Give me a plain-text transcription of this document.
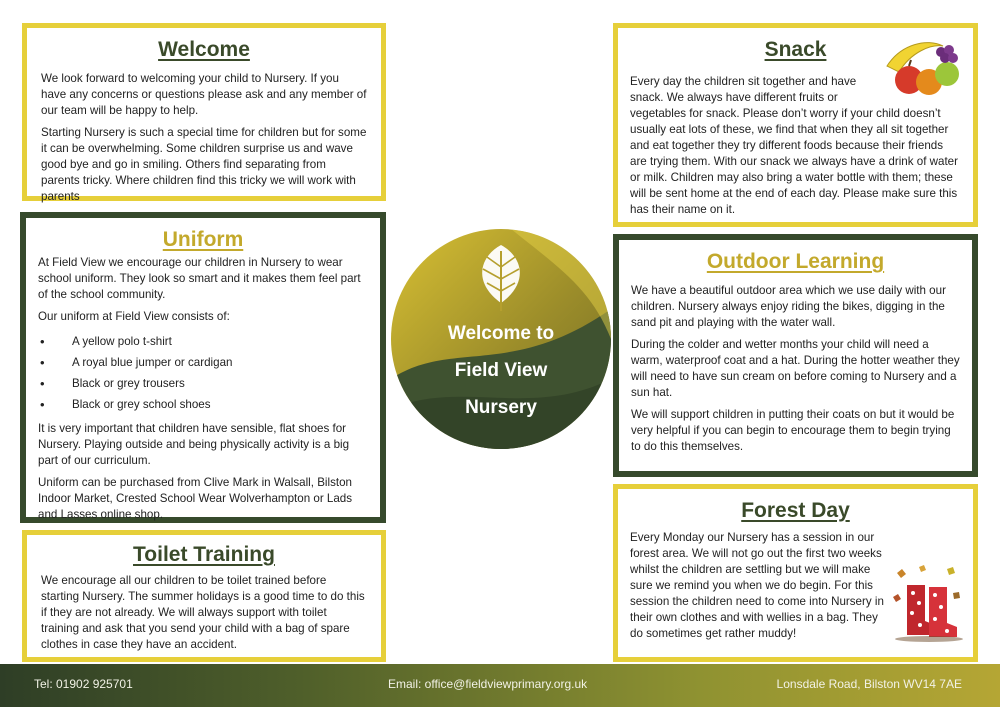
Welcome

We look forward to welcoming your child to Nursery. If you have any concerns or questions please ask and any member of our team will be happy to help.

Starting Nursery is such a special time for children but for some it can be overwhelming. Some children surprise us and wave good bye and go in smiling. Others find separating from parents tricky. Where children find this tricky we will work with parents

Uniform

At Field View we encourage our children in Nursery to wear school uniform. They look so smart and it makes them feel part of the school community.

Our uniform at Field View consists of:

• A yellow polo t-shirt
• A royal blue jumper or cardigan
• Black or grey trousers
• Black or grey school shoes

It is very important that children have sensible, flat shoes for Nursery. Playing outside and being physically activity is a big part of our curriculum.

Uniform can be purchased from Clive Mark in Walsall, Bilston Indoor Market, Crested School Wear Wolverhampton or Lads and Lasses online shop.

Toilet Training

We encourage all our children to be toilet trained before starting Nursery. The summer holidays is a good time to do this if they are not already. We will always support with toilet training and ask that you send your child with a bag of spare clothes in case they have an accident.

Welcome to
Field View
Nursery
Snack

Every day the children sit together and have snack. We always have different fruits or vegetables for snack. Please don’t worry if your child doesn’t usually eat lots of these, we find that when they all sit together and eat together they try different foods because their friends are trying them. With our snack we always have a drink of water or milk. Children may also bring a water bottle with them; these will be sent home at the end of each day. Please make sure this has their name on it.

Outdoor Learning

We have a beautiful outdoor area which we use daily with our children. Nursery always enjoy riding the bikes, digging in the sand pit and playing with the water wall.

During the colder and wetter months your child will need a warm, waterproof coat and a hat. During the hotter weather they will need to have sun cream on before coming to Nursery and a sun hat.

We will support children in putting their coats on but it would be very helpful if you can begin to encourage them to begin trying to do this themselves.

Forest Day

Every Monday our Nursery has a session in our forest area. We will not go out the first two weeks whilst the children are settling but we will make sure we remind you when we do begin. For this session the children need to come into Nursery in their own clothes and with wellies in a bag. They do sometimes get rather muddy!

Tel: 01902 925701	Email: office@fieldviewprimary.org.uk	Lonsdale Road, Bilston WV14 7AE
